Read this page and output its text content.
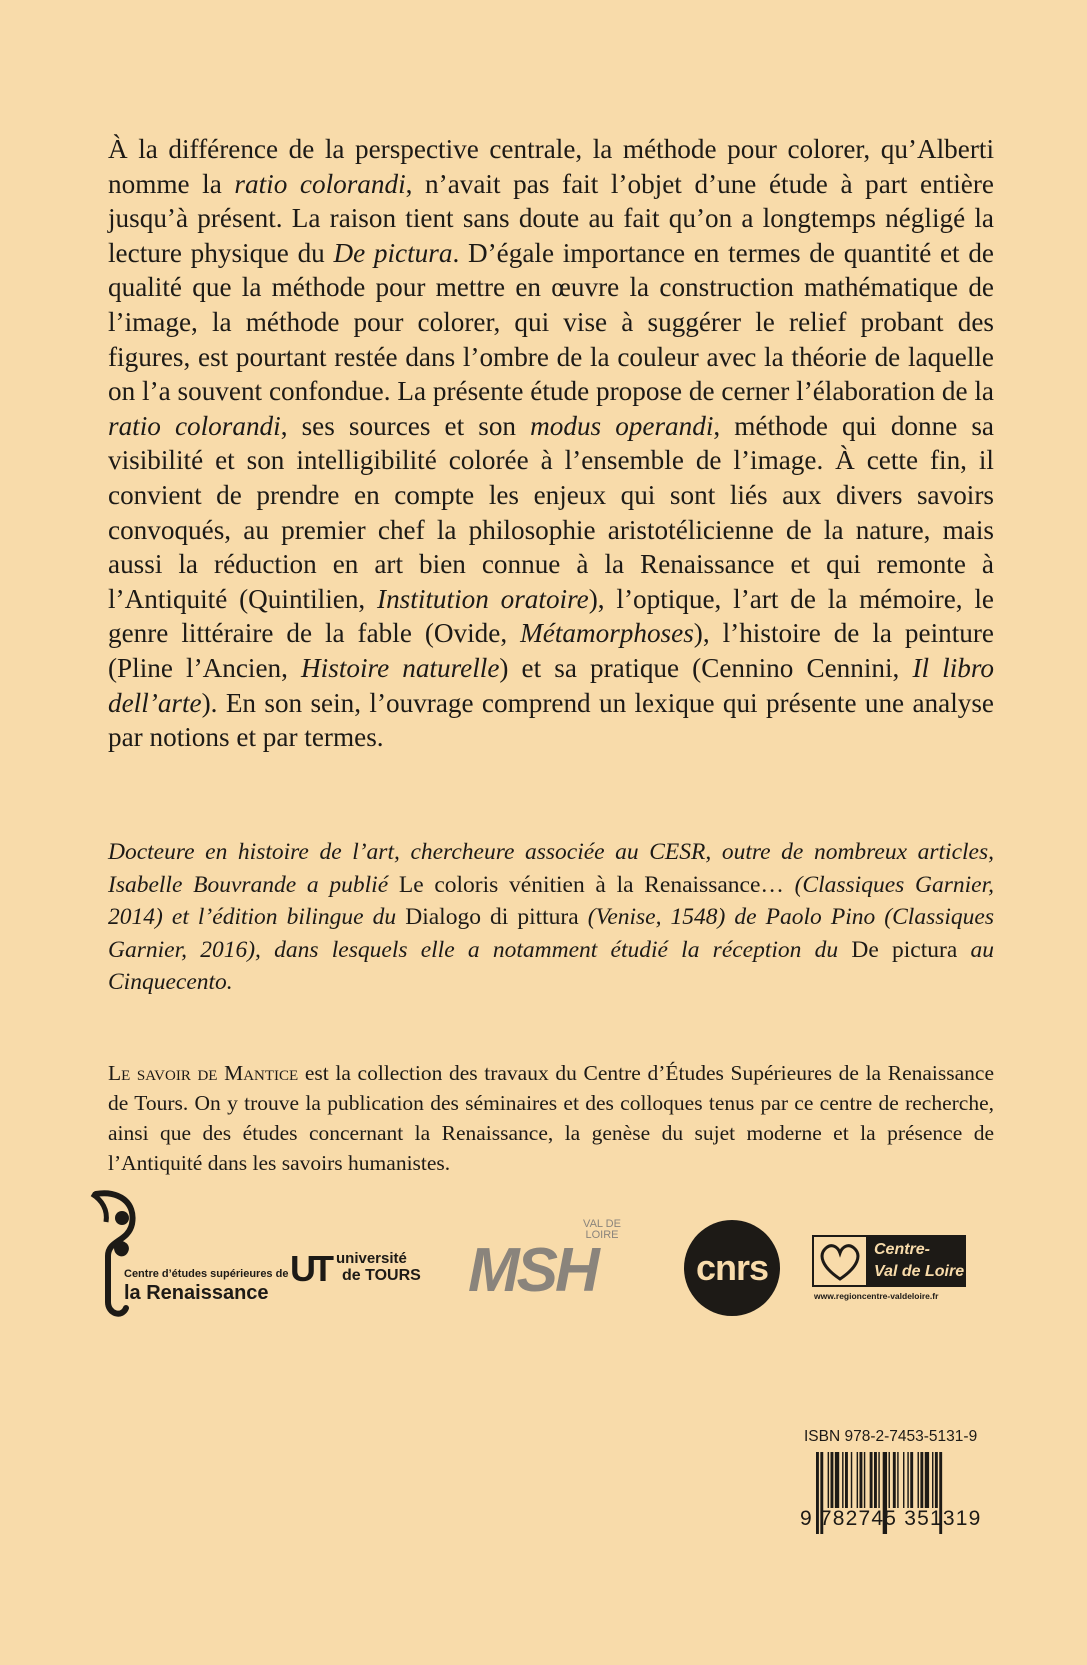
À la différence de la perspective centrale, la méthode pour colorer, qu’Alberti nomme la ratio colorandi, n’avait pas fait l’objet d’une étude à part entière jusqu’à présent. La raison tient sans doute au fait qu’on a longtemps négligé la lecture physique du De pictura. D’égale importance en termes de quantité et de qualité que la méthode pour mettre en œuvre la construction mathématique de l’image, la méthode pour colorer, qui vise à suggérer le relief probant des figures, est pourtant restée dans l’ombre de la couleur avec la théorie de laquelle on l’a souvent confondue. La présente étude propose de cerner l’élaboration de la ratio colorandi, ses sources et son modus operandi, méthode qui donne sa visibilité et son intelligibilité colorée à l’ensemble de l’image. À cette fin, il convient de prendre en compte les enjeux qui sont liés aux divers savoirs convoqués, au premier chef la philosophie aristotélicienne de la nature, mais aussi la réduction en art bien connue à la Renaissance et qui remonte à l’Antiquité (Quintilien, Institution oratoire), l’optique, l’art de la mémoire, le genre littéraire de la fable (Ovide, Métamorphoses), l’histoire de la peinture (Pline l’Ancien, Histoire naturelle) et sa pratique (Cennino Cennini, Il libro dell’arte). En son sein, l’ouvrage comprend un lexique qui présente une analyse par notions et par termes.

Docteure en histoire de l’art, chercheure associée au CESR, outre de nombreux articles, Isabelle Bouvrande a publié Le coloris vénitien à la Renaissance… (Classiques Garnier, 2014) et l’édition bilingue du Dialogo di pittura (Venise, 1548) de Paolo Pino (Classiques Garnier, 2016), dans lesquels elle a notamment étudié la réception du De pictura au Cinquecento.

Le savoir de Mantice est la collection des travaux du Centre d’Études Supérieures de la Renaissance de Tours. On y trouve la publication des séminaires et des colloques tenus par ce centre de recherche, ainsi que des études concernant la Renaissance, la genèse du sujet moderne et la présence de l’Antiquité dans les savoirs humanistes.

Centre d’études supérieures de
la Renaissance
UT université
de TOURS MSH
VAL DE
LOIRE
cnrs	Centre-
Val de Loire
www.regioncentre-valdeloire.fr
ISBN 978-2-7453-5131-9
9 782745 351319
